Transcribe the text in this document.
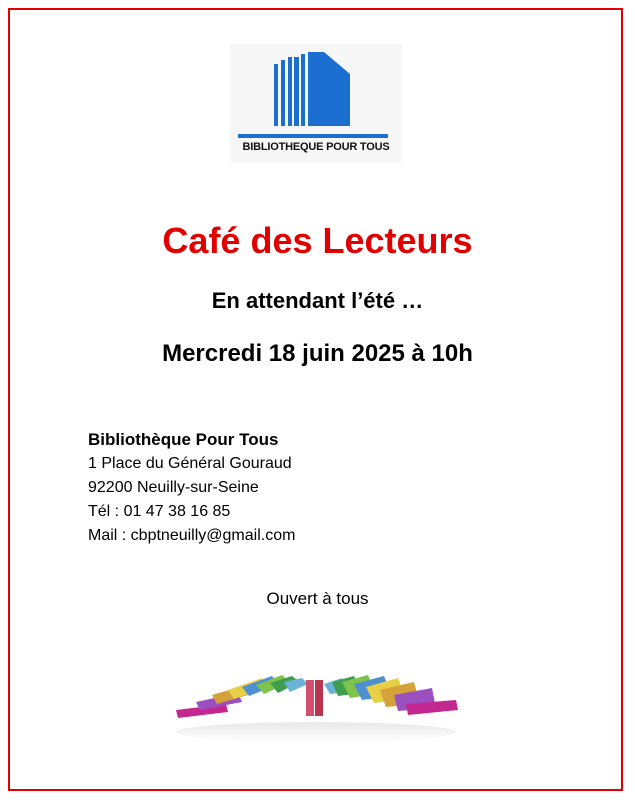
BIBLIOTHEQUE POUR TOUS
Café des Lecteurs
En attendant l’été …
Mercredi 18 juin 2025 à 10h
Bibliothèque Pour Tous
1 Place du Général Gouraud
92200 Neuilly-sur-Seine
Tél : 01 47 38 16 85
Mail : cbptneuilly@gmail.com
Ouvert à tous
